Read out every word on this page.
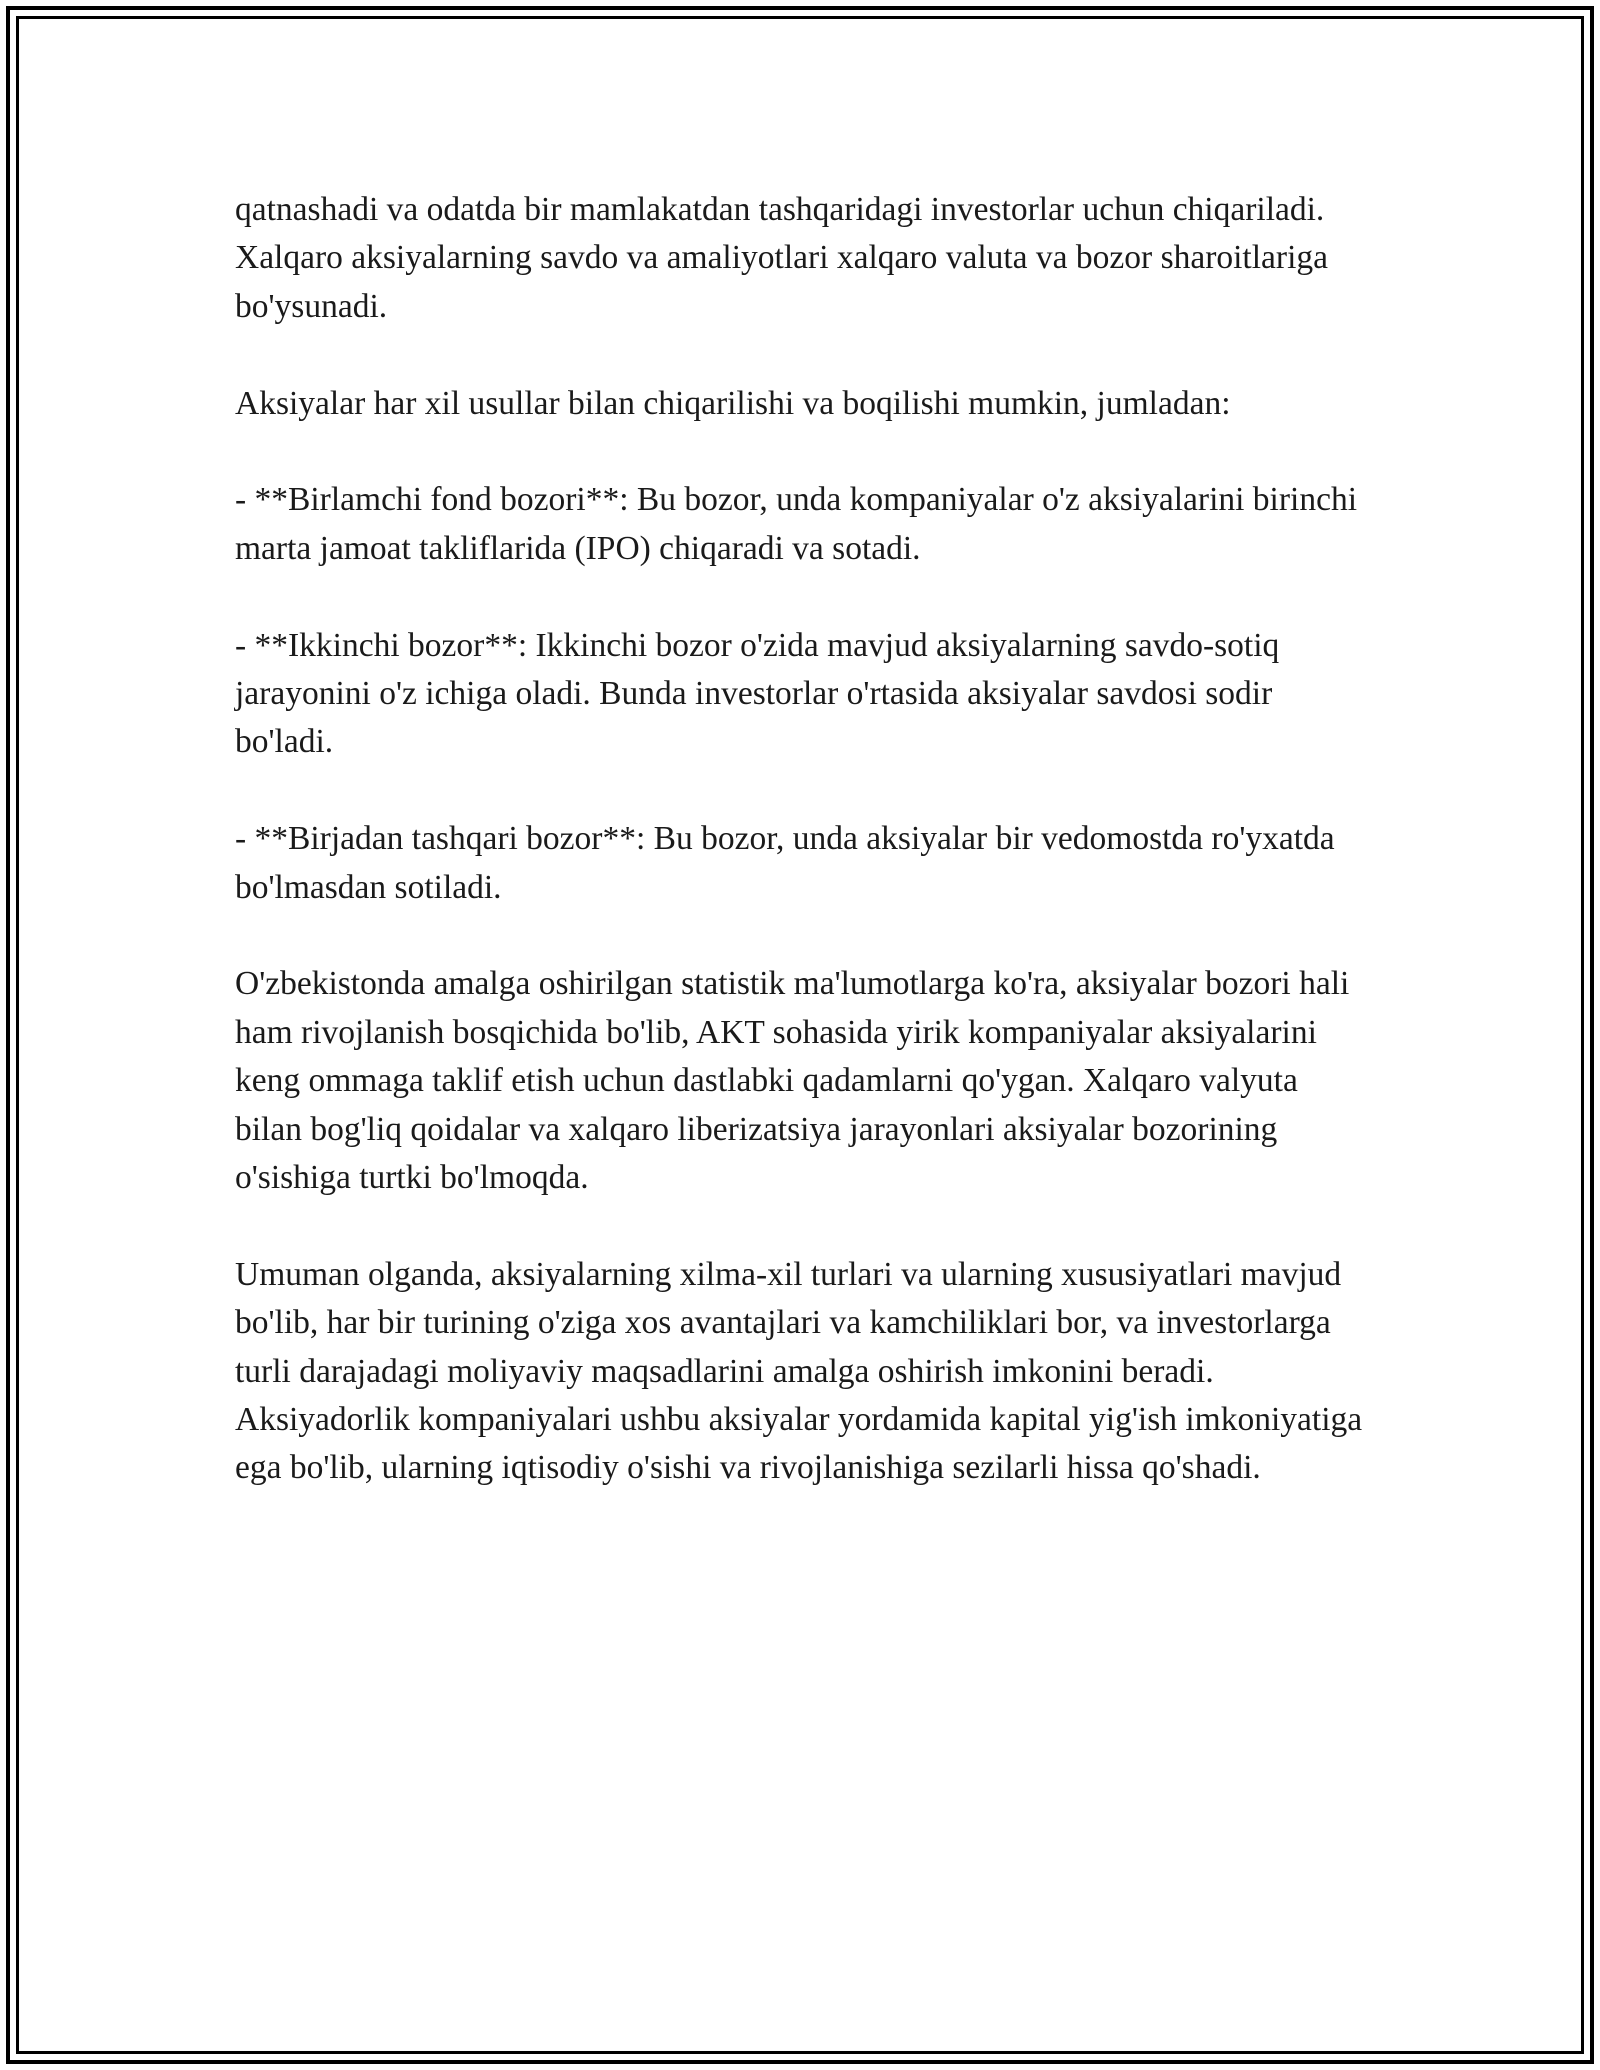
qatnashadi va odatda bir mamlakatdan tashqaridagi investorlar uchun chiqariladi. Xalqaro aksiyalarning savdo va amaliyotlari xalqaro valuta va bozor sharoitlariga bo'ysunadi.

Aksiyalar har xil usullar bilan chiqarilishi va boqilishi mumkin, jumladan:

- **Birlamchi fond bozori**: Bu bozor, unda kompaniyalar o'z aksiyalarini birinchi marta jamoat takliflarida (IPO) chiqaradi va sotadi.

- **Ikkinchi bozor**: Ikkinchi bozor o'zida mavjud aksiyalarning savdo-sotiq jarayonini o'z ichiga oladi. Bunda investorlar o'rtasida aksiyalar savdosi sodir bo'ladi.

- **Birjadan tashqari bozor**: Bu bozor, unda aksiyalar bir vedomostda ro'yxatda bo'lmasdan sotiladi.

O'zbekistonda amalga oshirilgan statistik ma'lumotlarga ko'ra, aksiyalar bozori hali ham rivojlanish bosqichida bo'lib, AKT sohasida yirik kompaniyalar aksiyalarini keng ommaga taklif etish uchun dastlabki qadamlarni qo'ygan. Xalqaro valyuta bilan bog'liq qoidalar va xalqaro liberizatsiya jarayonlari aksiyalar bozorining o'sishiga turtki bo'lmoqda.

Umuman olganda, aksiyalarning xilma-xil turlari va ularning xususiyatlari mavjud bo'lib, har bir turining o'ziga xos avantajlari va kamchiliklari bor, va investorlarga turli darajadagi moliyaviy maqsadlarini amalga oshirish imkonini beradi. Aksiyadorlik kompaniyalari ushbu aksiyalar yordamida kapital yig'ish imkoniyatiga ega bo'lib, ularning iqtisodiy o'sishi va rivojlanishiga sezilarli hissa qo'shadi.
